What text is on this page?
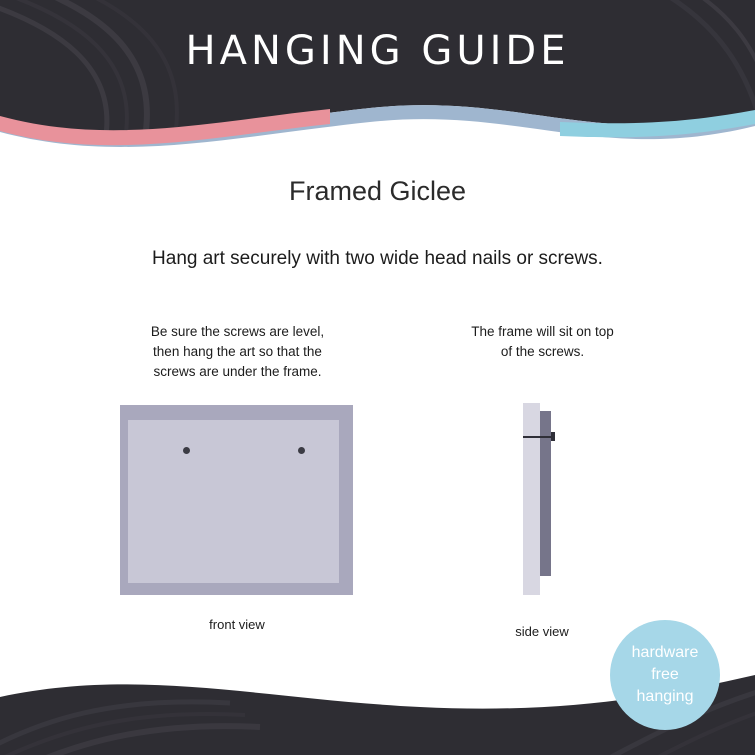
HANGING GUIDE
Framed Giclee
Hang art securely with two wide head nails or screws.
Be sure the screws are level,
then hang the art so that the
screws are under the frame.
The frame will sit on top
of the screws.
front view	side view
hardware
free
hanging
